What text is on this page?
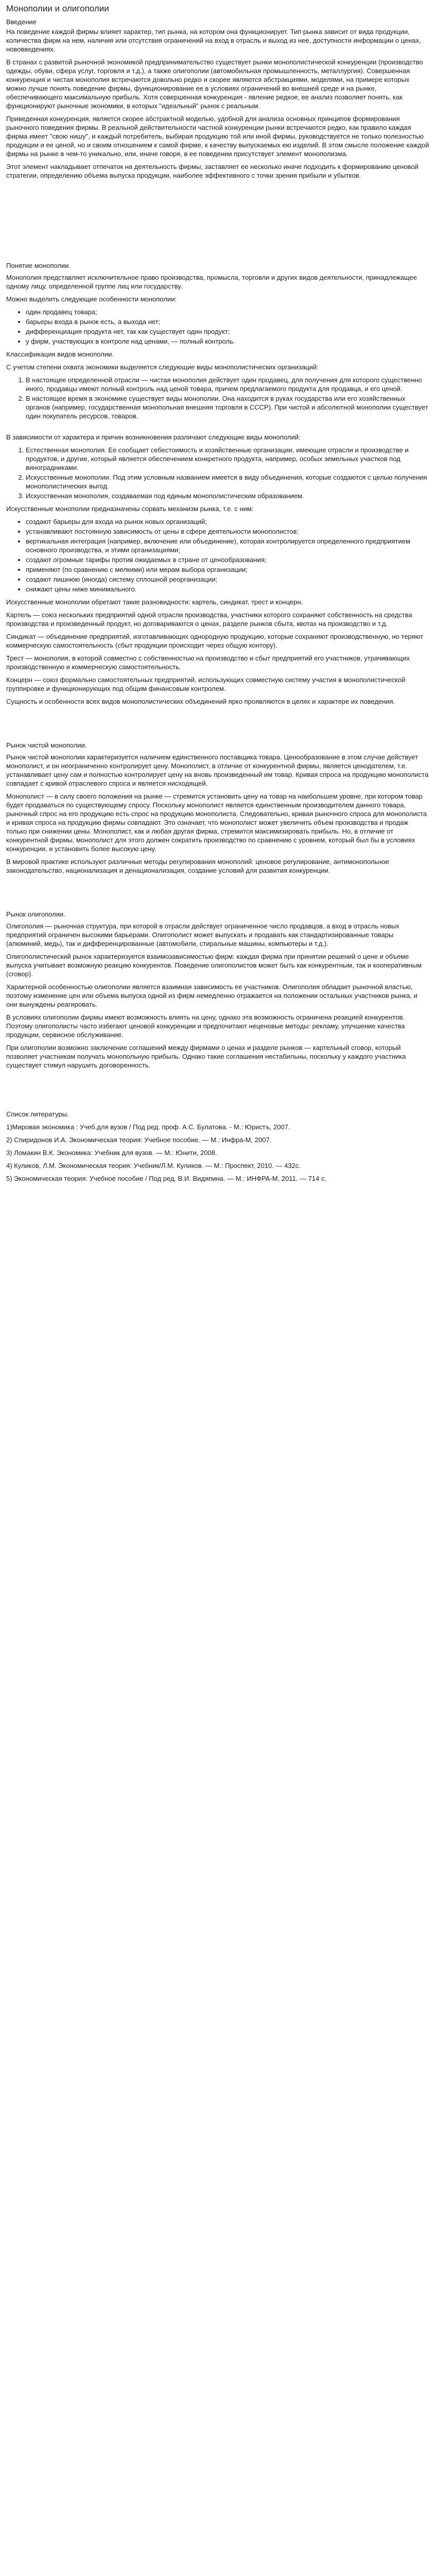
Монополии и олигополии

Введение

На поведение каждой фирмы влияет характер, тип рынка, на котором она функционирует. Тип рынка зависит от вида продукции, количества фирм на нем, наличия или отсутствия ограничений на вход в отрасль и выход из нее, доступности информации о ценах, нововведениях.

В странах с развитой рыночной экономикой предпринимательство существует рынки монополистической конкуренции (производство одежды, обуви, сфера услуг, торговля и т.д.), а также олигополии (автомобильная промышленность, металлургия). Совершенная конкуренция и чистая монополия встречаются довольно редко и скорее являются абстракциями, моделями, на примере которых можно лучше понять поведение фирмы, функционирование ее в условиях ограничений во внешней среде и на рынке, обеспечивающего максимальную прибыль. Хотя совершенная конкуренция - явление редкое, ее анализ позволяет понять, как функционируют рыночные экономики, в которых "идеальный" рынок с реальным.

Приведенная конкуренция, является скорее абстрактной моделью, удобной для анализа основных принципов формирования рыночного поведения фирмы. В реальной действительности частной конкуренции рынки встречаются редко, как правило каждая фирма имеет "свою нишу", и каждый потребитель, выбирая продукцию той или иной фирмы, руководствуется не только полезностью продукции и ее ценой, но и своим отношением к самой фирме, к качеству выпускаемых ею изделий. В этом смысле положение каждой фирмы на рынке в чем-то уникально, или, иначе говоря, в ее поведении присутствует элемент монополизма.

Этот элемент накладывает отпечаток на деятельность фирмы, заставляет ее несколько иначе подходить к формированию ценовой стратегии, определению объема выпуска продукции, наиболее эффективного с точки зрения прибыли и убытков.

Понятие монополии.

Монополия представляет исключительное право производства, промысла, торговли и других видов деятельности, принадлежащее одному лицу, определенной группе лиц или государству.

Можно выделить следующие особенности монополии:

• один продавец товара;
• барьеры входа в рынок есть, а выхода нет;
• дифференциация продукта нет, так как существует один продукт;
• у фирм, участвующих в контроле над ценами, — полный контроль.

Классификация видов монополии.

С учетом степени охвата экономики выделяется следующие виды монополистических организаций:

1. В настоящее определенной отрасли — чистая монополия действует один продавец, для получения для которого существенно иного, продавцы имеют полный контроль над ценой товара, причем предлагаемого продукта для продавца, и его ценой.
2. В настоящее время в экономике существует виды монополии. Она находится в руках государства или его хозяйственных органов (например, государственная монопольная внешняя торговля в СССР). При чистой и абсолютной монополии существует один покупатель ресурсов, товаров.

В зависимости от характера и причин возникновения различают следующие виды монополий:

1. Естественная монополия. Ее сообщает себестоимость и хозяйственные организации, имеющие отрасли и производстве и продуктов, и другие, который является обеспечением конкретного продукта, например, особых земельных участков под виноградниками.
2. Искусственные монополии. Под этим условным названием имеется в виду объединения, которые создаются с целью получения монополистических выгод.
3. Искусственная монополия, создаваемая под единым монополистическим образованием.

Искусственные монополии предназначены сорвать механизм рынка, т.е. с ним:

• создают барьеры для входа на рынок новых организаций;
• устанавливают постоянную зависимость от цены в сфере деятельности монополистов;
• вертикальная интеграция (например, включение или объединение), которая контролируется определенного предприятием основного производства, и этими организациями;
• создают огромные тарифы против ожидаемых в стране от ценообразования;
• применяют (по сравнению с мелкими) или мерам выбора организации;
• создают лишнюю (иногда) систему сплошной реорганизации;
• снижают цены ниже минимального.

Искусственные монополии обретают такие разновидности: картель, синдикат, трест и концерн.

Картель — союз нескольких предприятий одной отрасли производства, участники которого сохраняют собственность на средства производства и произведенный продукт, но договариваются о ценах, разделе рынков сбыта, квотах на производство и т.д.

Синдикат — объединение предприятий, изготавливающих однородную продукцию, которые сохраняют производственную, но теряют коммерческую самостоятельность (сбыт продукции происходит через общую контору).

Трест — монополия, в которой совместно с собственностью на производство и сбыт предприятий его участников, утрачивающих производственную и коммерческую самостоятельность.

Концерн — союз формально самостоятельных предприятий, использующих совместную систему участия в монополистической группировке и функционирующих под общим финансовым контролем.

Сущность и особенности всех видов монополистических объединений ярко проявляются в целях и характере их поведения.

Рынок чистой монополии.

Рынок чистой монополии характеризуется наличием единственного поставщика товара. Ценообразование в этом случае действует монополист, и он неограниченно контролирует цену. Монополист, в отличие от конкурентной фирмы, является ценодателем, т.е. устанавливает цену сам и полностью контролирует цену на вновь произведенный им товар. Кривая спроса на продукцию монополиста совпадает с кривой отраслевого спроса и является нисходящей.

Монополист — в силу своего положения на рынке — стремится установить цену на товар на наибольшем уровне, при котором товар будет продаваться по существующему спросу. Поскольку монополист является единственным производителем данного товара, рыночный спрос на его продукцию есть спрос на продукцию монополиста. Следовательно, кривая рыночного спроса для монополиста и кривая спроса на продукцию фирмы совпадают. Это означает, что монополист может увеличить объем производства и продаж только при снижении цены. Монополист, как и любая другая фирма, стремится максимизировать прибыль. Но, в отличие от конкурентной фирмы, монополист для этого должен сократить производство по сравнению с уровнем, который был бы в условиях конкуренции, и установить более высокую цену.

В мировой практике используют различные методы регулирования монополий: ценовое регулирование, антимонопольное законодательство, национализация и денационализация, создание условий для развития конкуренции.

Рынок олигополии.

Олигополия — рыночная структура, при которой в отрасли действует ограниченное число продавцов, а вход в отрасль новых предприятий ограничен высокими барьерами. Олигополист может выпускать и продавать как стандартизированные товары (алюминий, медь), так и дифференцированные (автомобили, стиральные машины, компьютеры и т.д.).

Олигополистический рынок характеризуется взаимозависимостью фирм: каждая фирма при принятии решений о цене и объеме выпуска учитывает возможную реакцию конкурентов. Поведение олигополистов может быть как конкурентным, так и кооперативным (сговор).

Характерной особенностью олигополии является взаимная зависимость ее участников. Олигополия обладает рыночной властью, поэтому изменение цен или объема выпуска одной из фирм немедленно отражается на положении остальных участников рынка, и они вынуждены реагировать.

В условиях олигополии фирмы имеют возможность влиять на цену, однако эта возможность ограничена реакцией конкурентов. Поэтому олигополисты часто избегают ценовой конкуренции и предпочитают неценовые методы: рекламу, улучшение качества продукции, сервисное обслуживание.

При олигополии возможно заключение соглашений между фирмами о ценах и разделе рынков — картельный сговор, который позволяет участникам получать монопольную прибыль. Однако такие соглашения нестабильны, поскольку у каждого участника существует стимул нарушить договоренность.

Список литературы.

1)Мировая экономика : Учеб.для вузов / Под ред. проф. А.С. Булатова. - М.: Юристъ, 2007.

2) Спиридонов И.А. Экономическая теория: Учебное пособие. — М.: Инфра-М, 2007.

3) Ломакин В.К. Экономика: Учебник для вузов. — М.: Юнити, 2008.

4) Куликов, Л.М. Экономическая теория: Учебник/Л.М. Куликов. — М.: Проспект, 2010. — 432с.

5) Экономическая теория: Учебное пособие / Под ред. В.И. Видяпина. — М.: ИНФРА-М, 2011. — 714 с.
